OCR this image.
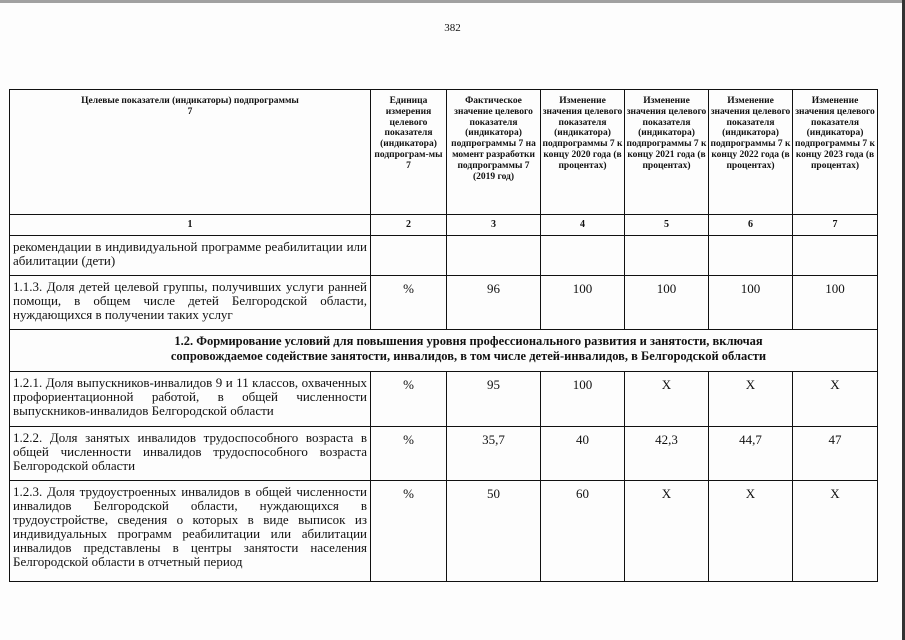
382
Целевые показатели (индикаторы) подпрограммы 7	Единица измерения целевого показателя (индикатора) подпрограм-мы 7	Фактическое значение целевого показателя (индикатора) подпрограммы 7 на момент разработки подпрограммы 7 (2019 год)	Изменение значения целевого показателя (индикатора) подпрограммы 7 к концу 2020 года (в процентах)	Изменение значения целевого показателя (индикатора) подпрограммы 7 к концу 2021 года (в процентах)	Изменение значения целевого показателя (индикатора) подпрограммы 7 к концу 2022 года (в процентах)	Изменение значения целевого показателя (индикатора) подпрограммы 7 к концу 2023 года (в процентах)
1	2	3	4	5	6	7
рекомендации в индивидуальной программе реабилитации или абилитации (дети)						
1.1.3. Доля детей целевой группы, получивших услуги ранней помощи, в общем числе детей Белгородской области, нуждающихся в получении таких услуг	%	96	100	100	100	100
1.2. Формирование условий для повышения уровня профессионального развития и занятости, включая сопровождаемое содействие занятости, инвалидов, в том числе детей-инвалидов, в Белгородской области						
1.2.1. Доля выпускников-инвалидов 9 и 11 классов, охваченных профориентационной работой, в общей численности выпускников-инвалидов Белгородской области	%	95	100	Х	Х	Х
1.2.2. Доля занятых инвалидов трудоспособного возраста в общей численности инвалидов трудоспособного возраста Белгородской области	%	35,7	40	42,3	44,7	47
1.2.3. Доля трудоустроенных инвалидов в общей численности инвалидов Белгородской области, нуждающихся в трудоустройстве, сведения о которых в виде выписок из индивидуальных программ реабилитации или абилитации инвалидов представлены в центры занятости населения Белгородской области в отчетный период	%	50	60	Х	Х	Х
